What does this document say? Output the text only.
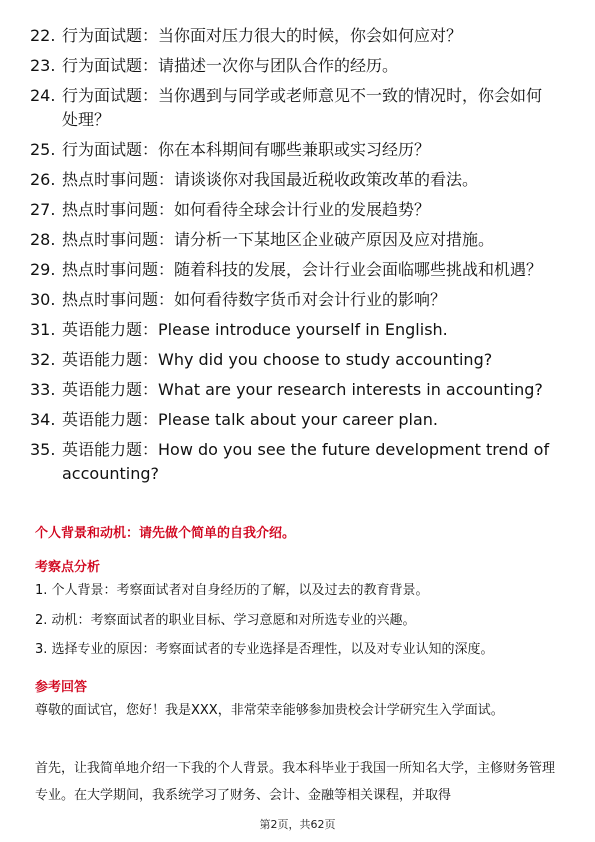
22. 行为面试题：当你面对压力很大的时候，你会如何应对？
23. 行为面试题：请描述一次你与团队合作的经历。
24. 行为面试题：当你遇到与同学或老师意见不一致的情况时，你会如何处理？
25. 行为面试题：你在本科期间有哪些兼职或实习经历？
26. 热点时事问题：请谈谈你对我国最近税收政策改革的看法。
27. 热点时事问题：如何看待全球会计行业的发展趋势？
28. 热点时事问题：请分析一下某地区企业破产原因及应对措施。
29. 热点时事问题：随着科技的发展，会计行业会面临哪些挑战和机遇？
30. 热点时事问题：如何看待数字货币对会计行业的影响？
31. 英语能力题：Please introduce yourself in English.
32. 英语能力题：Why did you choose to study accounting?
33. 英语能力题：What are your research interests in accounting?
34. 英语能力题：Please talk about your career plan.
35. 英语能力题：How do you see the future development trend of accounting?
个人背景和动机：请先做个简单的自我介绍。
考察点分析
1. 个人背景：考察面试者对自身经历的了解，以及过去的教育背景。
2. 动机：考察面试者的职业目标、学习意愿和对所选专业的兴趣。
3. 选择专业的原因：考察面试者的专业选择是否理性，以及对专业认知的深度。
参考回答
尊敬的面试官，您好！我是XXX，非常荣幸能够参加贵校会计学研究生入学面试。
首先，让我简单地介绍一下我的个人背景。我本科毕业于我国一所知名大学，主修财务管理专业。在大学期间，我系统学习了财务、会计、金融等相关课程，并取得
第2页，共62页
